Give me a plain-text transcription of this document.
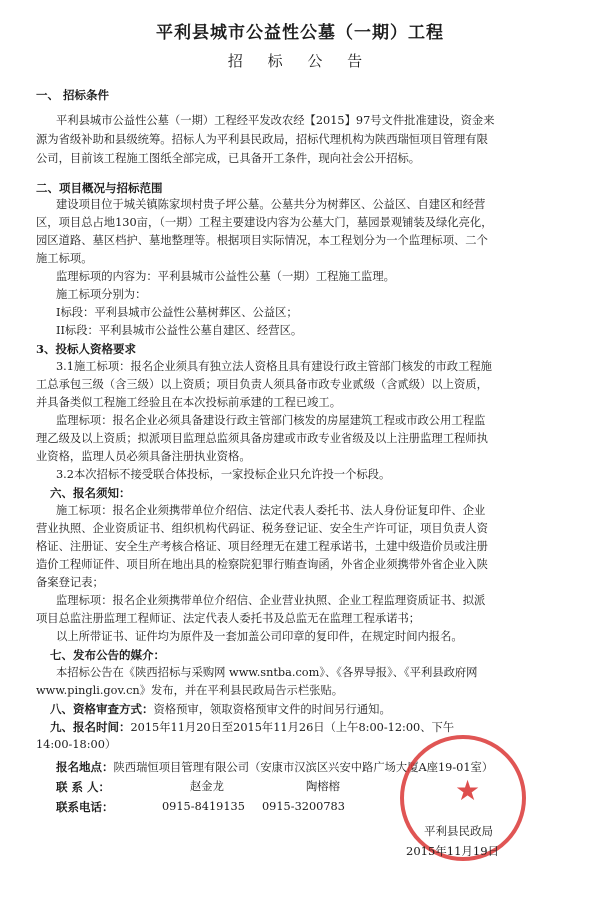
平利县城市公益性公墓（一期）工程
招 标 公 告
一、 招标条件
平利县城市公益性公墓（一期）工程经平发改农经【2015】97号文件批准建设，资金来
源为省级补助和县级统筹。招标人为平利县民政局，招标代理机构为陕西瑞恒项目管理有限
公司，目前该工程施工图纸全部完成，已具备开工条件，现向社会公开招标。
二、项目概况与招标范围
建设项目位于城关镇陈家坝村贵子坪公墓。公墓共分为树葬区、公益区、自建区和经营
区，项目总占地130亩，（一期）工程主要建设内容为公墓大门，墓园景观铺装及绿化亮化，
园区道路、墓区档护、墓地整理等。根据项目实际情况，本工程划分为一个监理标项、二个
施工标项。
监理标项的内容为：平利县城市公益性公墓（一期）工程施工监理。
施工标项分别为：
I标段：平利县城市公益性公墓树葬区、公益区；
II标段：平利县城市公益性公墓自建区、经营区。
3、投标人资格要求
3.1施工标项：报名企业须具有独立法人资格且具有建设行政主管部门核发的市政工程施
工总承包三级（含三级）以上资质；项目负责人须具备市政专业贰级（含贰级）以上资质，
并具备类似工程施工经验且在本次投标前承建的工程已竣工。
监理标项：报名企业必须具备建设行政主管部门核发的房屋建筑工程或市政公用工程监
理乙级及以上资质；拟派项目监理总监须具备房建或市政专业省级及以上注册监理工程师执
业资格，监理人员必须具备注册执业资格。
3.2本次招标不接受联合体投标，一家投标企业只允许投一个标段。
六、报名须知：
施工标项：报名企业须携带单位介绍信、法定代表人委托书、法人身份证复印件、企业
营业执照、企业资质证书、组织机构代码证、税务登记证、安全生产许可证，项目负责人资
格证、注册证、安全生产考核合格证、项目经理无在建工程承诺书，土建中级造价员或注册
造价工程师证件、项目所在地出具的检察院犯罪行贿查询函，外省企业须携带外省企业入陕
备案登记表；
监理标项：报名企业须携带单位介绍信、企业营业执照、企业工程监理资质证书、拟派
项目总监注册监理工程师证、法定代表人委托书及总监无在监理工程承诺书；
以上所带证书、证件均为原件及一套加盖公司印章的复印件，在规定时间内报名。
七、发布公告的媒介：
本招标公告在《陕西招标与采购网 www.sntba.com》、《各界导报》、《平利县政府网
www.pingli.gov.cn》发布，并在平利县民政局告示栏张贴。
八、资格审查方式：资格预审，领取资格预审文件的时间另行通知。
九、报名时间：2015年11月20日至2015年11月26日（上午8:00-12:00、下午
14:00-18:00）
报名地点：陕西瑞恒项目管理有限公司（安康市汉滨区兴安中路广场大厦A座19-01室）
联 系 人：	赵金龙	陶榕榕
联系电话：	0915-8419135 0915-3200783	★
平利县民政局
2015年11月19日
